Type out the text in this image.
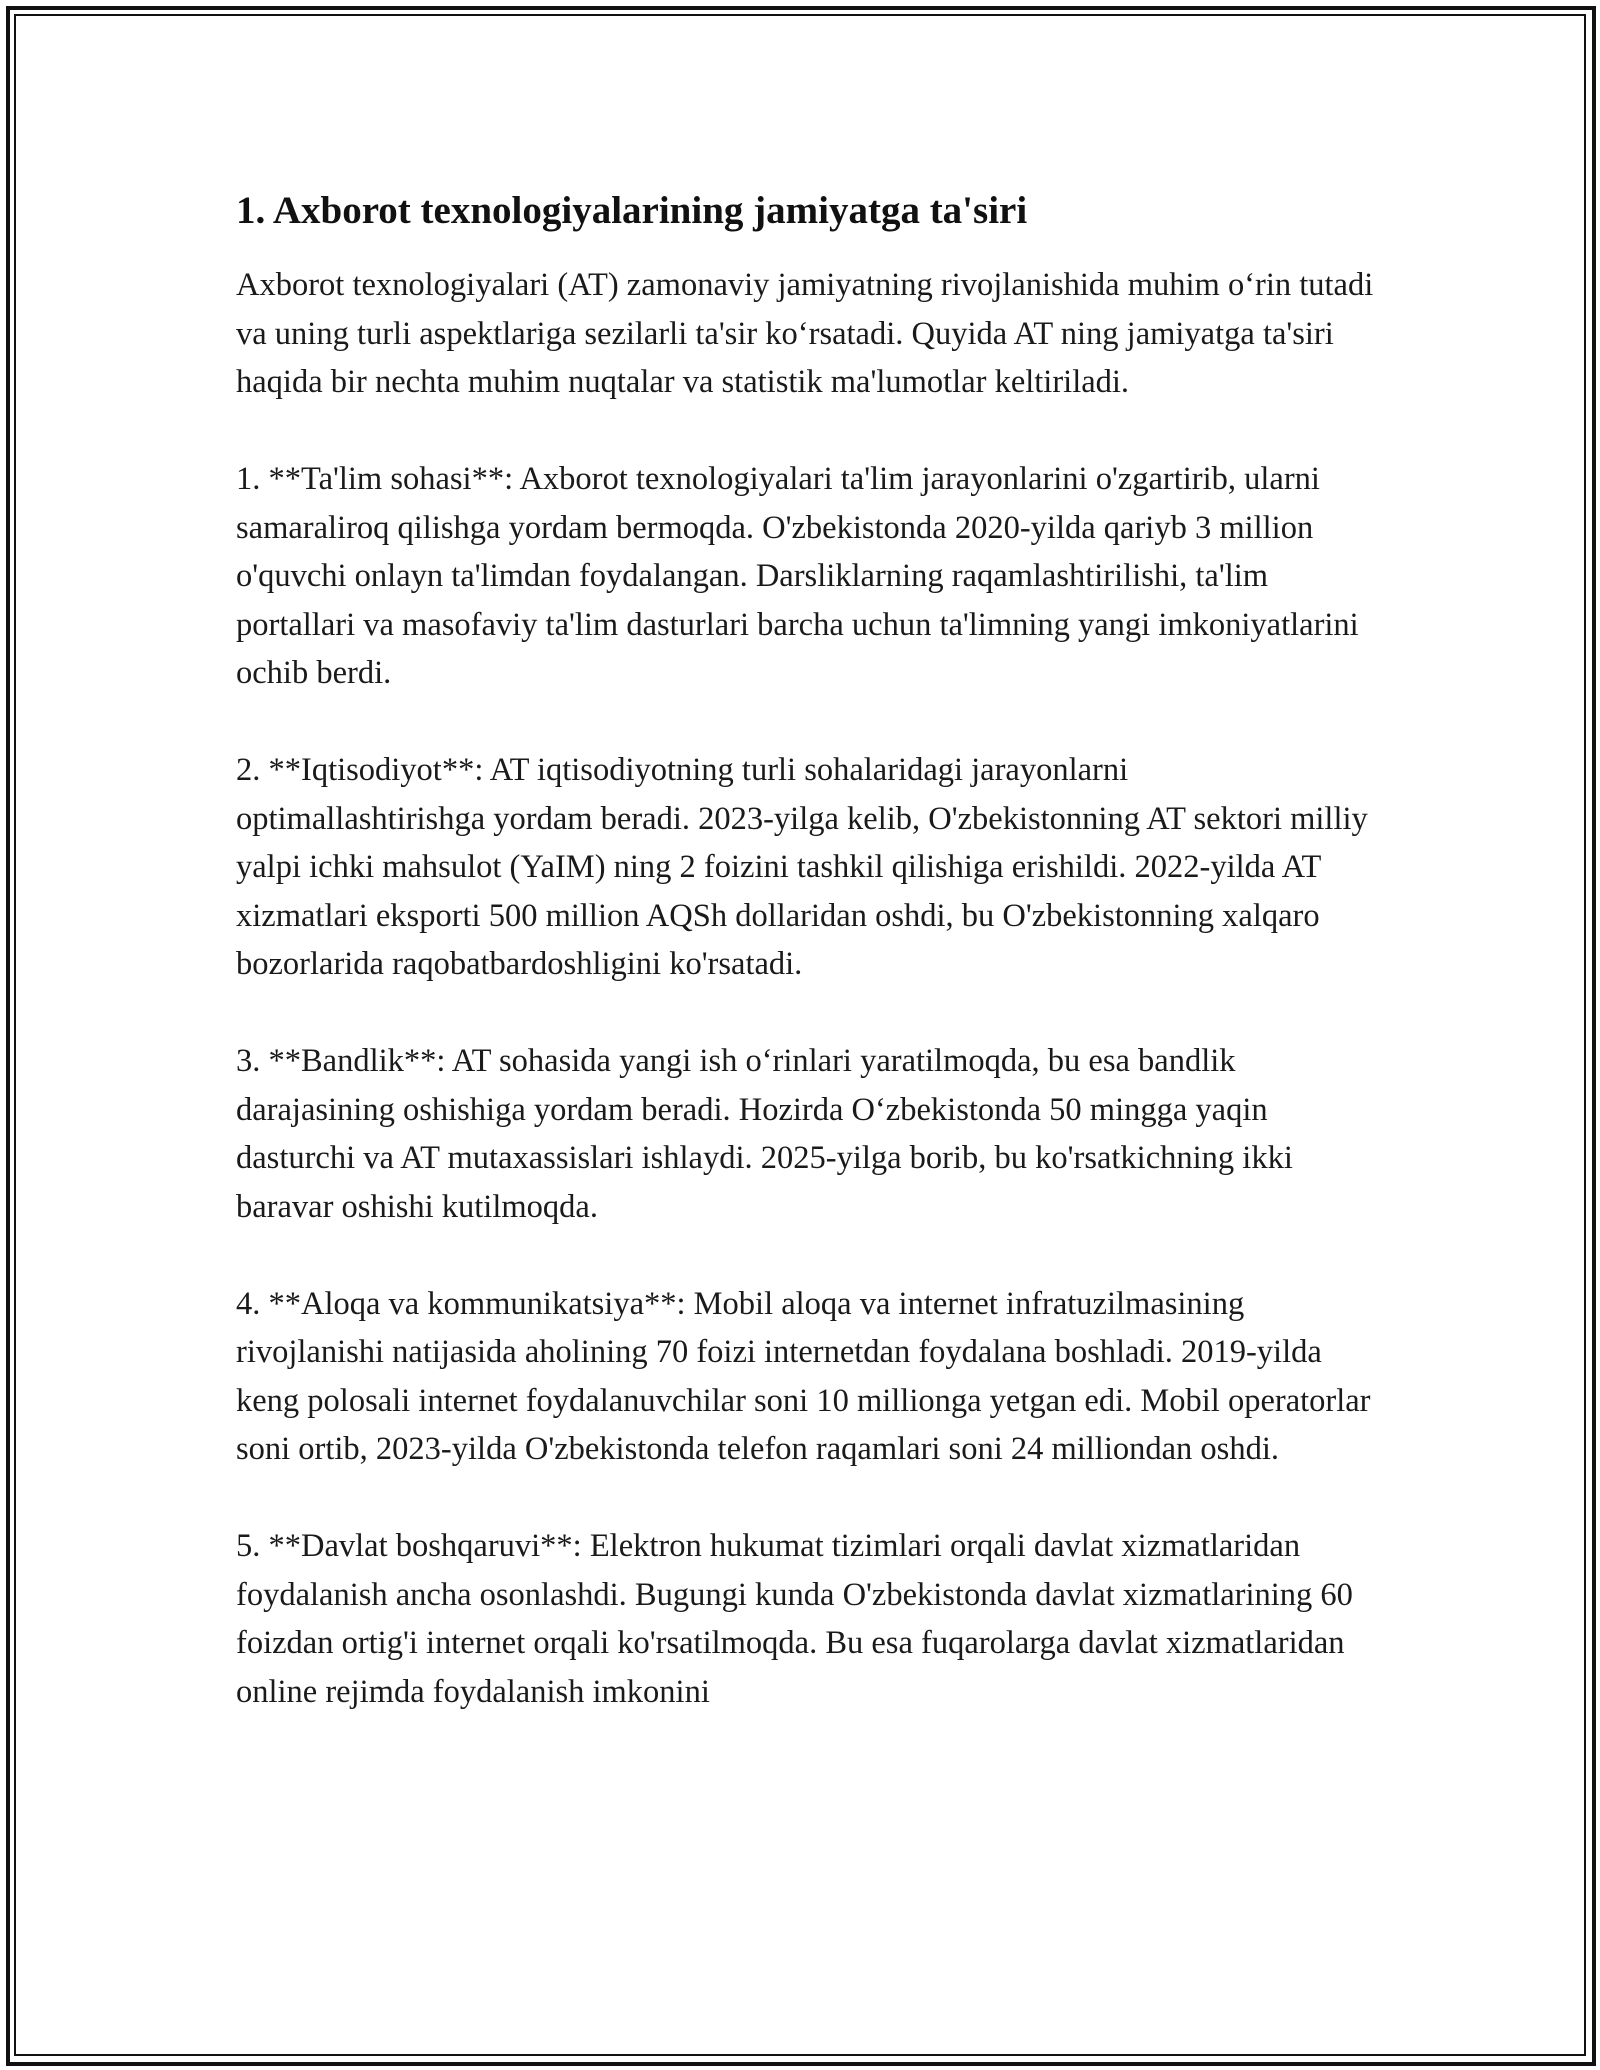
1. Axborot texnologiyalarining jamiyatga ta'siri

Axborot texnologiyalari (AT) zamonaviy jamiyatning rivojlanishida muhim o‘rin tutadi va uning turli aspektlariga sezilarli ta'sir ko‘rsatadi. Quyida AT ning jamiyatga ta'siri haqida bir nechta muhim nuqtalar va statistik ma'lumotlar keltiriladi.

1. **Ta'lim sohasi**: Axborot texnologiyalari ta'lim jarayonlarini o'zgartirib, ularni samaraliroq qilishga yordam bermoqda. O'zbekistonda 2020-yilda qariyb 3 million o'quvchi onlayn ta'limdan foydalangan. Darsliklarning raqamlashtirilishi, ta'lim portallari va masofaviy ta'lim dasturlari barcha uchun ta'limning yangi imkoniyatlarini ochib berdi.

2. **Iqtisodiyot**: AT iqtisodiyotning turli sohalaridagi jarayonlarni optimallashtirishga yordam beradi. 2023-yilga kelib, O'zbekistonning AT sektori milliy yalpi ichki mahsulot (YaIM) ning 2 foizini tashkil qilishiga erishildi. 2022-yilda AT xizmatlari eksporti 500 million AQSh dollaridan oshdi, bu O'zbekistonning xalqaro bozorlarida raqobatbardoshligini ko'rsatadi.

3. **Bandlik**: AT sohasida yangi ish o‘rinlari yaratilmoqda, bu esa bandlik darajasining oshishiga yordam beradi. Hozirda O‘zbekistonda 50 mingga yaqin dasturchi va AT mutaxassislari ishlaydi. 2025-yilga borib, bu ko'rsatkichning ikki baravar oshishi kutilmoqda.

4. **Aloqa va kommunikatsiya**: Mobil aloqa va internet infratuzilmasining rivojlanishi natijasida aholining 70 foizi internetdan foydalana boshladi. 2019-yilda keng polosali internet foydalanuvchilar soni 10 millionga yetgan edi. Mobil operatorlar soni ortib, 2023-yilda O'zbekistonda telefon raqamlari soni 24 milliondan oshdi.

5. **Davlat boshqaruvi**: Elektron hukumat tizimlari orqali davlat xizmatlaridan foydalanish ancha osonlashdi. Bugungi kunda O'zbekistonda davlat xizmatlarining 60 foizdan ortig'i internet orqali ko'rsatilmoqda. Bu esa fuqarolarga davlat xizmatlaridan online rejimda foydalanish imkonini
